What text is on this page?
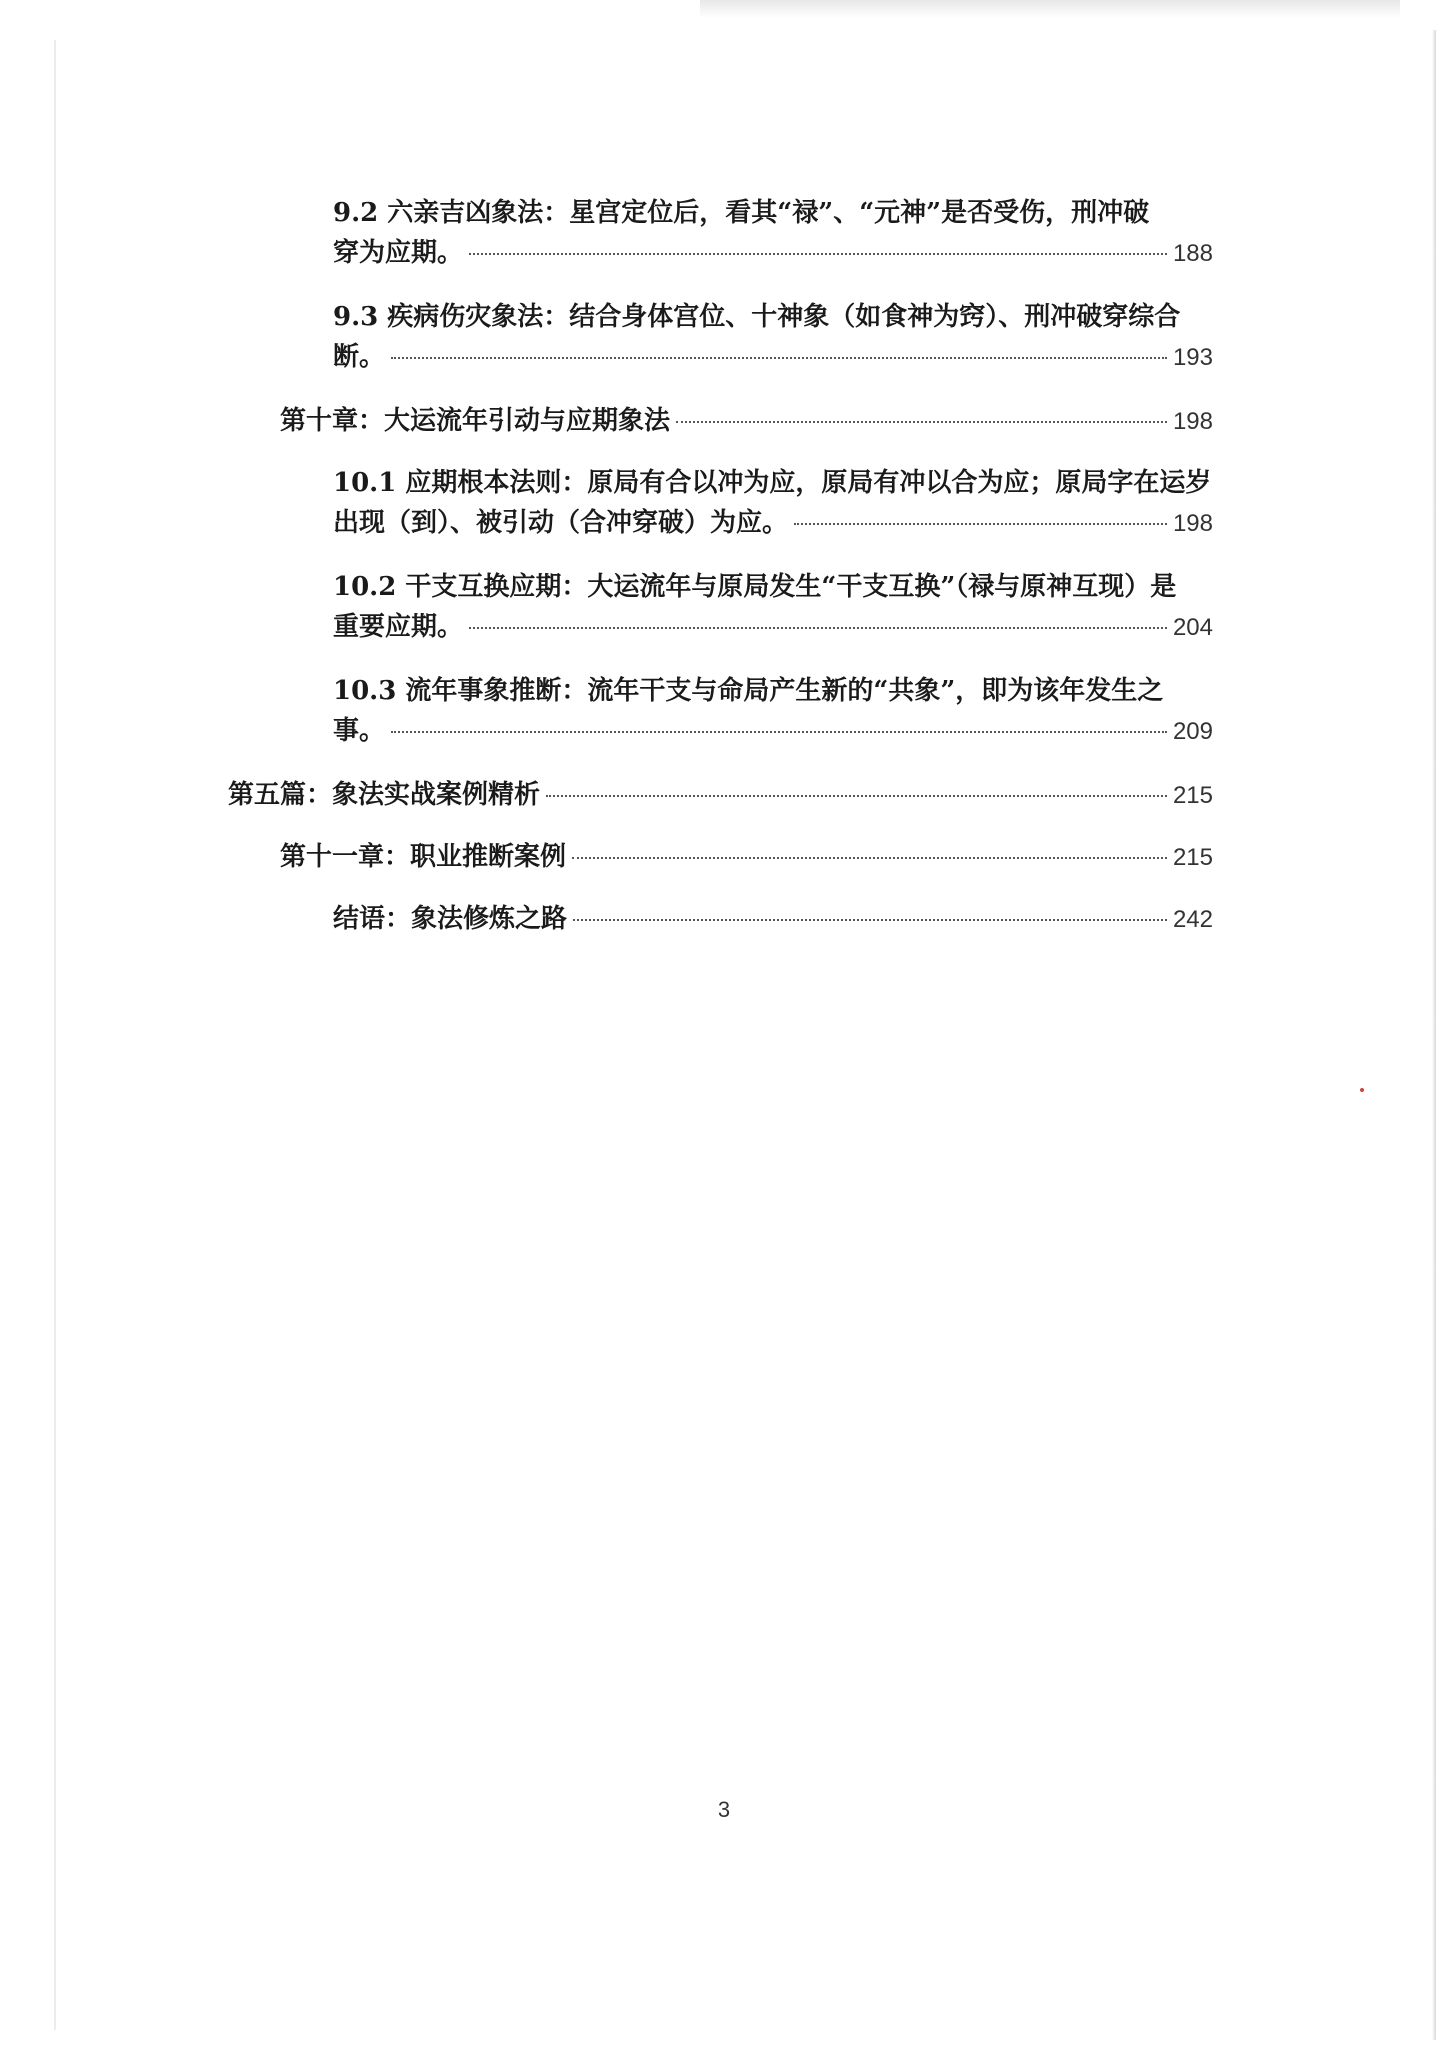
9.2 六亲吉凶象法：星宫定位后，看其“禄”、“元神”是否受伤，刑冲破
穿为应期。	188
9.3 疾病伤灾象法：结合身体宫位、十神象（如食神为窍）、刑冲破穿综合
断。	193
第十章：大运流年引动与应期象法	198
10.1 应期根本法则：原局有合以冲为应，原局有冲以合为应；原局字在运岁
出现（到）、被引动（合冲穿破）为应。	198
10.2 干支互换应期：大运流年与原局发生“干支互换”（禄与原神互现）是
重要应期。	204
10.3 流年事象推断：流年干支与命局产生新的“共象”，即为该年发生之
事。	209
第五篇：象法实战案例精析	215
第十一章：职业推断案例	215
结语：象法修炼之路	242
3
